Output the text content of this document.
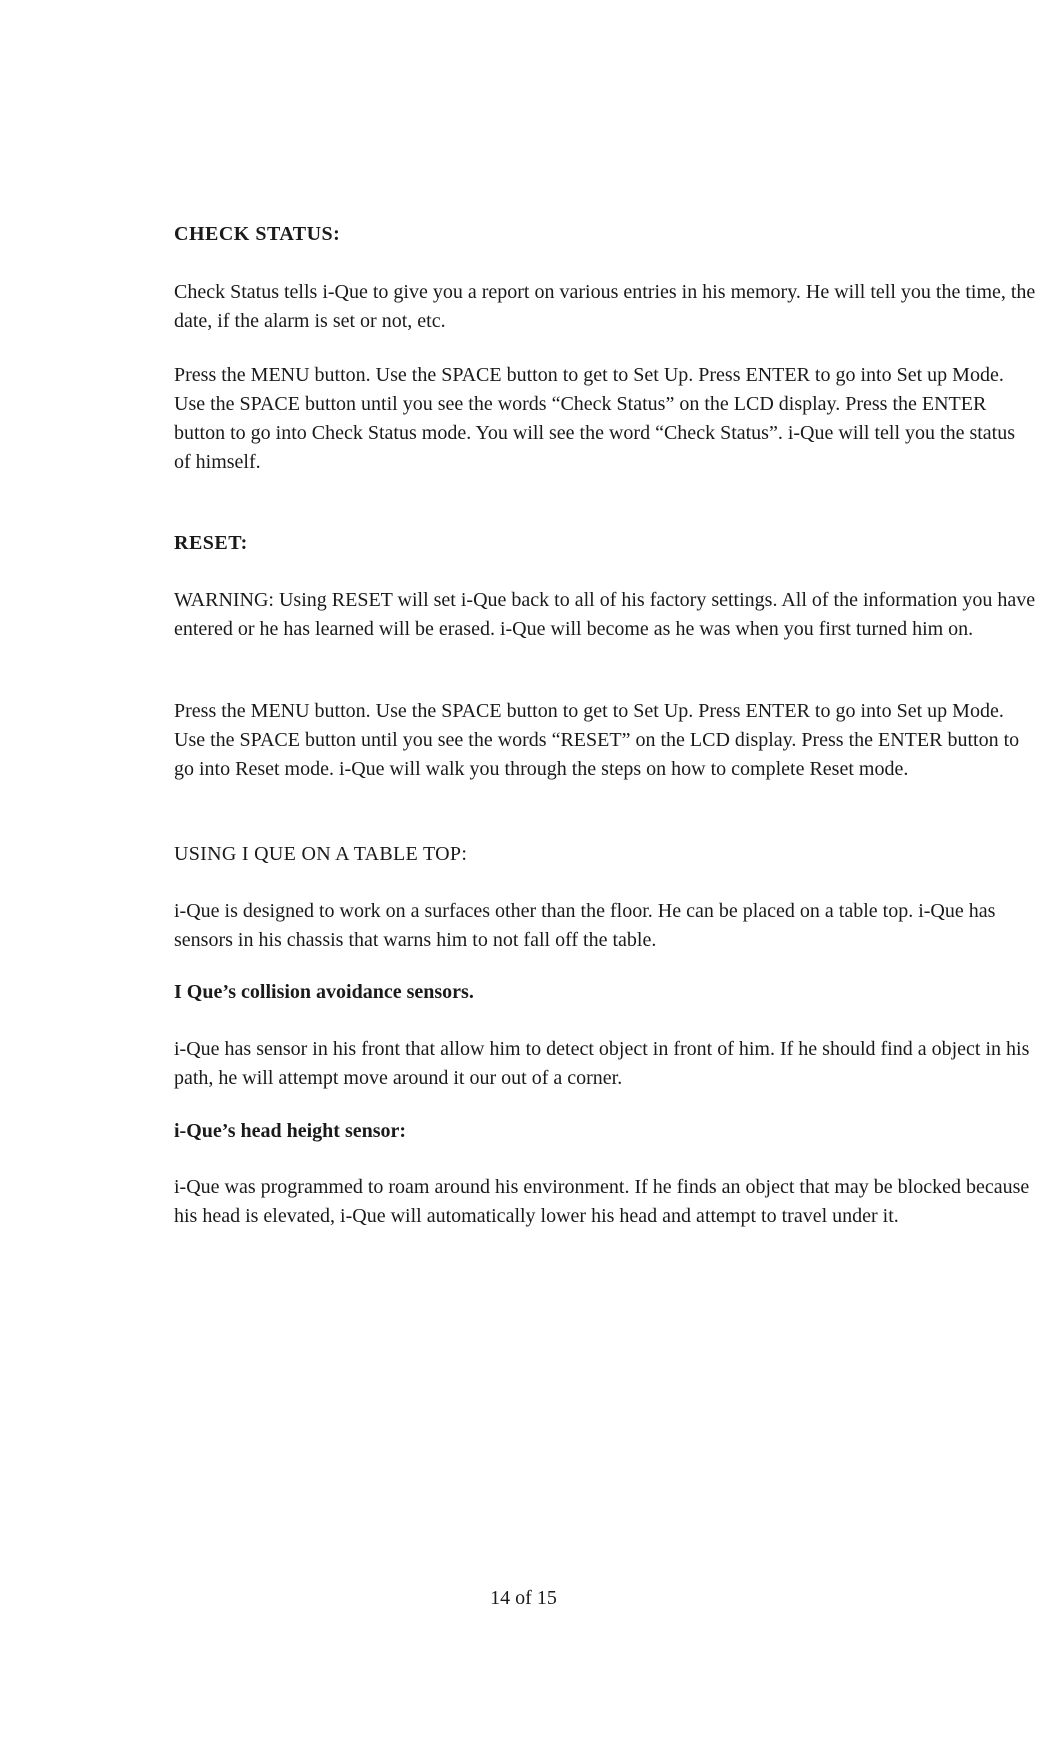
CHECK STATUS:

Check Status tells i-Que to give you a report on various entries in his memory. He will tell you the time, the date, if the alarm is set or not, etc.

Press the MENU button. Use the SPACE button to get to Set Up. Press ENTER to go into Set up Mode. Use the SPACE button until you see the words “Check Status” on the LCD display. Press the ENTER button to go into Check Status mode. You will see the word “Check Status”. i-Que will tell you the status of himself.

RESET:

WARNING: Using RESET will set i-Que back to all of his factory settings. All of the information you have entered or he has learned will be erased. i-Que will become as he was when you first turned him on.

Press the MENU button. Use the SPACE button to get to Set Up. Press ENTER to go into Set up Mode. Use the SPACE button until you see the words “RESET” on the LCD display. Press the ENTER button to go into Reset mode. i-Que will walk you through the steps on how to complete Reset mode.

USING I QUE ON A TABLE TOP:

i-Que is designed to work on a surfaces other than the floor. He can be placed on a table top. i-Que has sensors in his chassis that warns him to not fall off the table.

I Que’s collision avoidance sensors.

i-Que has sensor in his front that allow him to detect object in front of him. If he should find a object in his path, he will attempt move around it our out of a corner.

i-Que’s head height sensor:

i-Que was programmed to roam around his environment. If he finds an object that may be blocked because his head is elevated, i-Que will automatically lower his head and attempt to travel under it.

14 of 15
